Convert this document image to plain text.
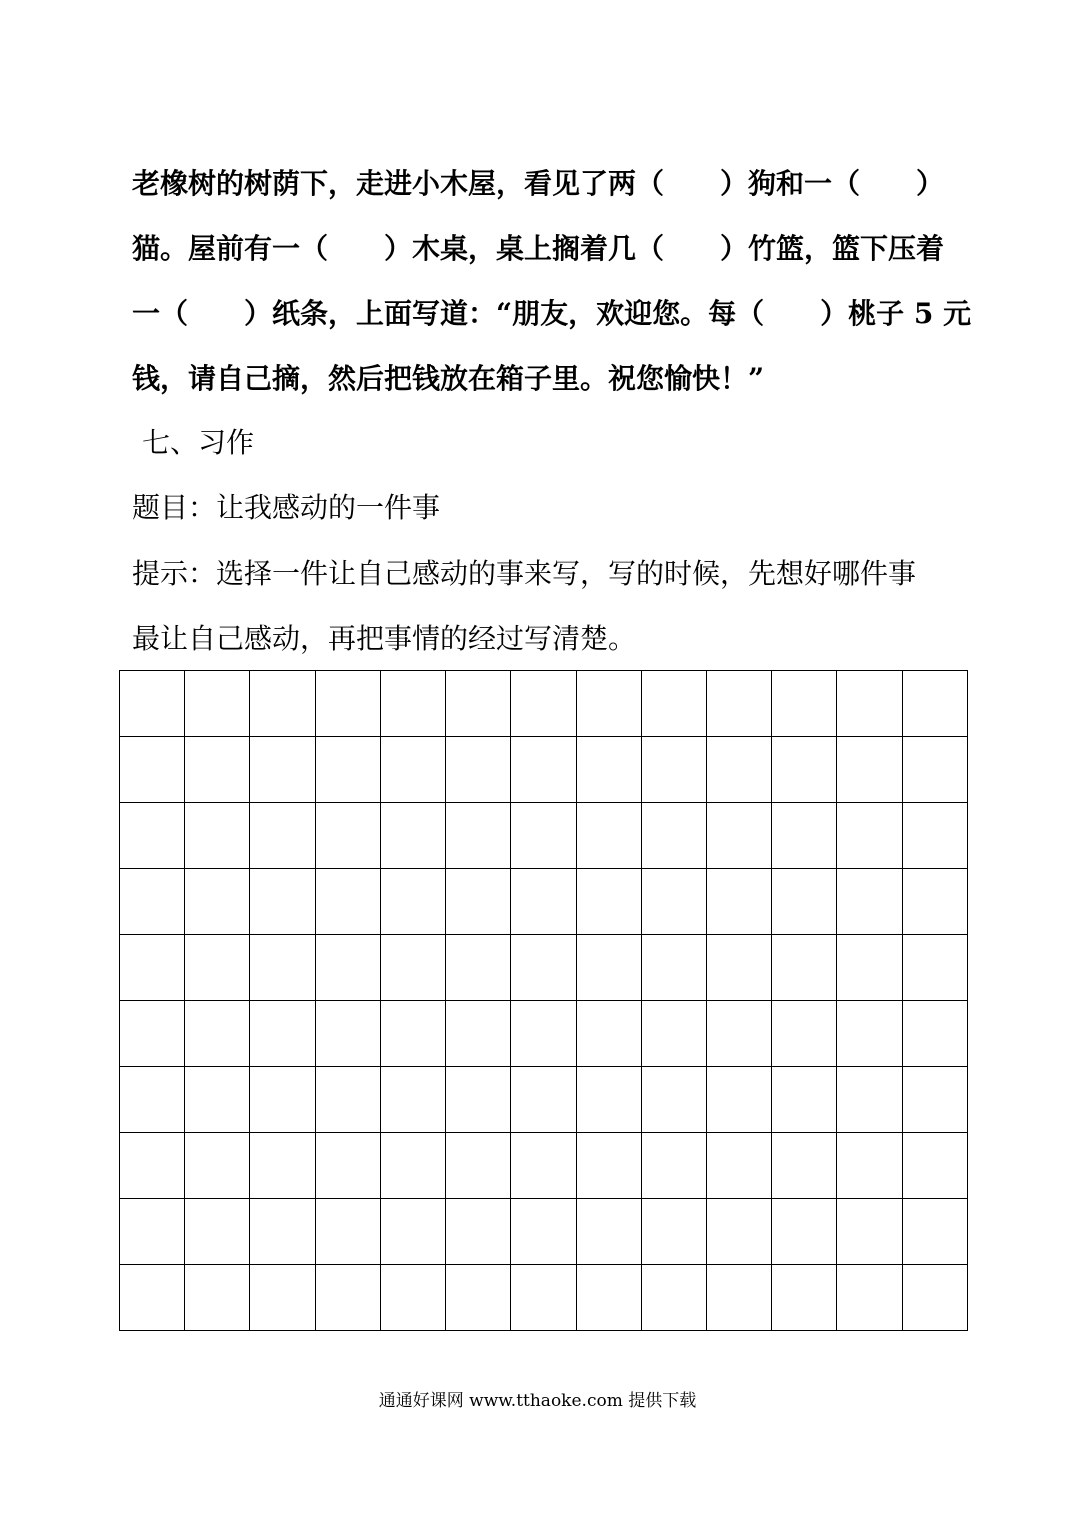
老橡树的树荫下，走进小木屋，看见了两（　　）狗和一（　　）

猫。屋前有一（　　）木桌，桌上搁着几（　　）竹篮，篮下压着

一（　　）纸条，上面写道：“朋友，欢迎您。每（　　）桃子 5 元

钱，请自己摘，然后把钱放在箱子里。祝您愉快！”

七、习作

题目：让我感动的一件事

提示：选择一件让自己感动的事来写，写的时候，先想好哪件事

最让自己感动，再把事情的经过写清楚。

通通好课网 www.tthaoke.com 提供下载
